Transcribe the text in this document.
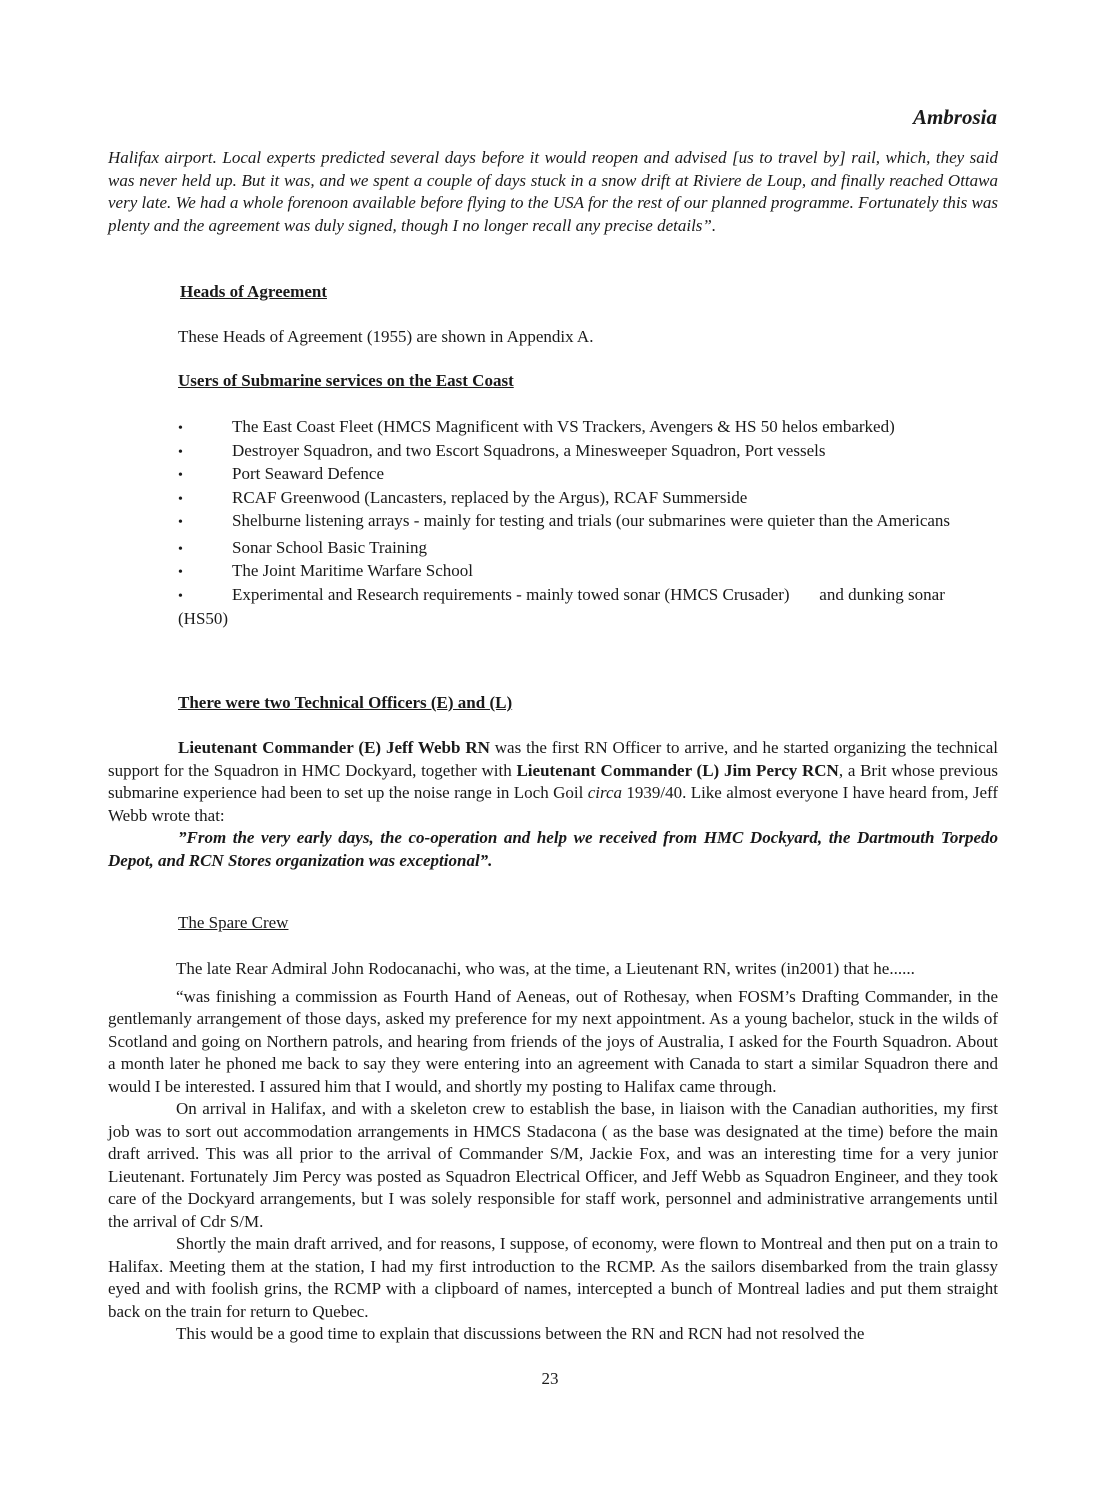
Ambrosia
Halifax airport. Local experts predicted several days before it would reopen and advised [us to travel by] rail, which, they said was never held up. But it was, and we spent a couple of days stuck in a snow drift at Riviere de Loup, and finally reached Ottawa very late. We had a whole forenoon available before flying to the USA for the rest of our planned programme. Fortunately this was plenty and the agreement was duly signed, though I no longer recall any precise details”.
Heads of Agreement
These Heads of Agreement (1955) are shown in Appendix A.
Users of Submarine services on the East Coast
•The East Coast Fleet (HMCS Magnificent with VS Trackers, Avengers & HS 50 helos embarked)
•Destroyer Squadron, and two Escort Squadrons, a Minesweeper Squadron, Port vessels
•Port Seaward Defence
•RCAF Greenwood (Lancasters, replaced by the Argus), RCAF Summerside
•Shelburne listening arrays - mainly for testing and trials (our submarines were quieter than the Americans
•Sonar School Basic Training
•The Joint Maritime Warfare School
• Experimental and Research requirements - mainly towed sonar (HMCS Crusader)       and dunking sonar (HS50)
There were two Technical Officers (E) and (L)
Lieutenant Commander (E) Jeff Webb RN was the first RN Officer to arrive, and he started organizing the technical support for the Squadron in HMC Dockyard, together with Lieutenant Commander (L) Jim Percy RCN, a Brit whose previous submarine experience had been to set up the noise range in Loch Goil circa 1939/40. Like almost everyone I have heard from, Jeff Webb wrote that:
”From the very early days, the co-operation and help we received from HMC Dockyard, the Dartmouth Torpedo Depot, and RCN Stores organization was exceptional”.
The Spare Crew

The late Rear Admiral John Rodocanachi, who was, at the time, a Lieutenant RN, writes (in2001) that he......

“was finishing a commission as Fourth Hand of Aeneas, out of Rothesay, when FOSM’s Drafting Commander, in the gentlemanly arrangement of those days, asked my preference for my next appointment. As a young bachelor, stuck in the wilds of Scotland and going on Northern patrols, and hearing from friends of the joys of Australia, I asked for the Fourth Squadron. About a month later he phoned me back to say they were entering into an agreement with Canada to start a similar Squadron there and would I be interested. I assured him that I would, and shortly my posting to Halifax came through.

On arrival in Halifax, and with a skeleton crew to establish the base, in liaison with the Canadian authorities, my first job was to sort out accommodation arrangements in HMCS Stadacona ( as the base was designated at the time) before the main draft arrived. This was all prior to the arrival of Commander S/M, Jackie Fox, and was an interesting time for a very junior Lieutenant. Fortunately Jim Percy was posted as Squadron Electrical Officer, and Jeff Webb as Squadron Engineer, and they took care of the Dockyard arrangements, but I was solely responsible for staff work, personnel and administrative arrangements until the arrival of Cdr S/M.

Shortly the main draft arrived, and for reasons, I suppose, of economy, were flown to Montreal and then put on a train to Halifax. Meeting them at the station, I had my first introduction to the RCMP. As the sailors disembarked from the train glassy eyed and with foolish grins, the RCMP with a clipboard of names, intercepted a bunch of Montreal ladies and put them straight back on the train for return to Quebec.

This would be a good time to explain that discussions between the RN and RCN had not resolved the

23
